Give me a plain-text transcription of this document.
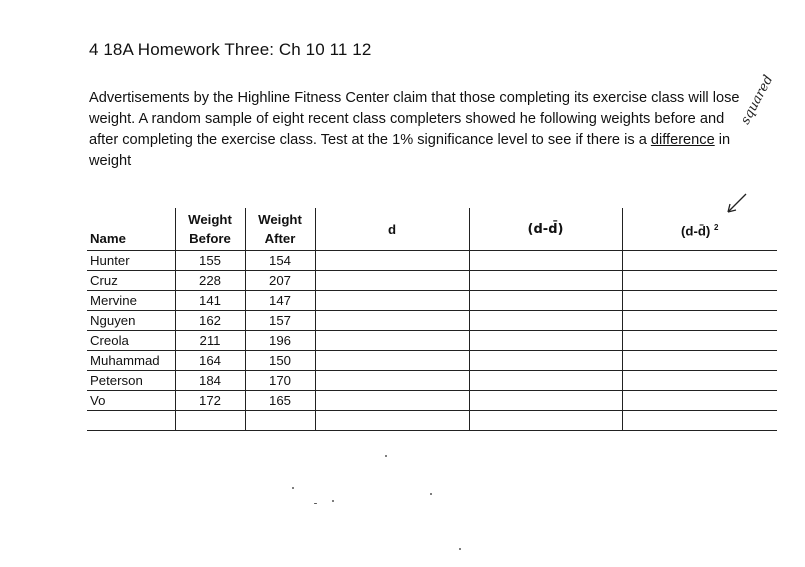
4 18A Homework Three: Ch 10 11 12
Advertisements by the Highline Fitness Center claim that those completing its exercise class will lose weight. A random sample of eight recent class completers showed he following weights before and after completing the exercise class. Test at the 1% significance level to see if there is a difference in weight
squared
Name	Weight Before	Weight After	d	(d-d̄)	(d-d̄) $^2$
Hunter	155	154			
Cruz	228	207			
Mervine	141	147			
Nguyen	162	157			
Creola	211	196			
Muhammad	164	150			
Peterson	184	170			
Vo	172	165			
